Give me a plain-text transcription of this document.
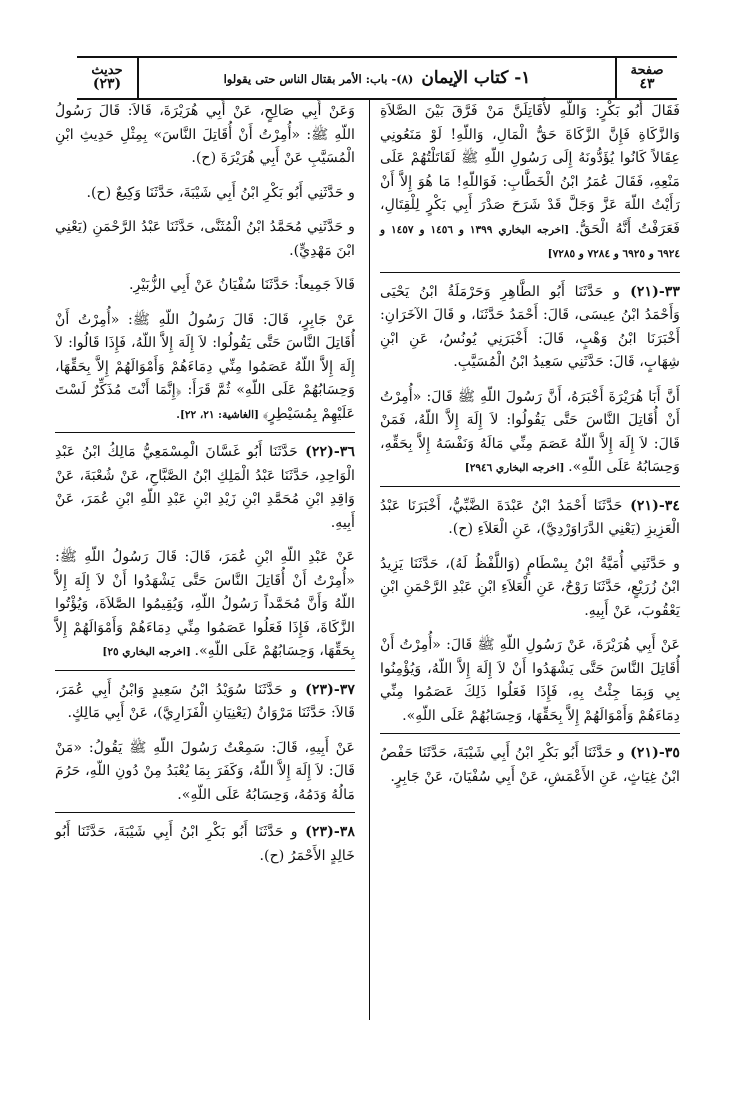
صفحة
٤٣
١- كتاب الإيمان
(٨)- باب: الأمر بقتال الناس حتى يقولوا
حديث
(٢٣)
فَقَالَ أَبُو بَكْرٍ: وَاللّهِ لأُقَاتِلَنَّ مَنْ فَرَّقَ بَيْنَ الصَّلاَةِ وَالزَّكَاةِ فَإِنَّ الزَّكَاةَ حَقُّ الْمَالِ، وَاللّهِ! لَوْ مَنَعُونِي عِقَالاً كَانُوا يُؤَدُّونَهُ إِلَى رَسُولِ اللّهِ ﷺ لَقَاتَلْتُهُمْ عَلَى مَنْعِهِ، فَقَالَ عُمَرُ ابْنُ الْخَطَّابِ: فَوَاللّهِ! مَا هُوَ إِلاَّ أَنْ رَأَيْتُ اللّهَ عَزَّ وَجَلَّ قَدْ شَرَحَ صَدْرَ أَبِي بَكْرٍ لِلْقِتَالِ، فَعَرَفْتُ أَنَّهُ الْحَقُّ. [اخرجه البخاري ١٣٩٩ و ١٤٥٦ و ١٤٥٧ و ٦٩٢٤ و ٦٩٢٥ و ٧٢٨٤ و ٧٢٨٥]
٣٣-(٢١) و حَدَّثَنَا أَبُو الطَّاهِرِ وَحَرْمَلَةُ ابْنُ يَحْيَى وَأَحْمَدُ ابْنُ عِيسَى، قَالَ: أَحْمَدُ حَدَّثَنَا، و قَالَ الآخَرَانِ: أَخْبَرَنَا ابْنُ وَهْبٍ، قَالَ: أَخْبَرَنِي يُونُسُ، عَنِ ابْنِ شِهَابٍ، قَالَ: حَدَّثَنِي سَعِيدُ ابْنُ الْمُسَيَّبِ.
أَنَّ أَبَا هُرَيْرَةَ أَخْبَرَهُ، أَنَّ رَسُولَ اللّهِ ﷺ قَالَ: «أُمِرْتُ أَنْ أُقَاتِلَ النَّاسَ حَتَّى يَقُولُوا: لاَ إِلَهَ إِلاَّ اللّهُ، فَمَنْ قَالَ: لاَ إِلَهَ إِلاَّ اللّهُ عَصَمَ مِنِّي مَالَهُ وَنَفْسَهُ إِلاَّ بِحَقِّهِ، وَحِسَابُهُ عَلَى اللّهِ». [اخرجه البخاري ٢٩٤٦]
٣٤-(٢١) حَدَّثَنَا أَحْمَدُ ابْنُ عَبْدَةَ الضَّبِّيُّ، أَخْبَرَنَا عَبْدُ الْعَزِيزِ (يَعْنِي الدَّرَاوَرْدِيَّ)، عَنِ الْعَلاَءِ (ح).
و حَدَّثَنِي أُمَيَّةُ ابْنُ بِسْطَامٍ (وَاللَّفْظُ لَهُ)، حَدَّثَنَا يَزِيدُ ابْنُ زُرَيْعٍ، حَدَّثَنَا رَوْحٌ، عَنِ الْعَلاَءِ ابْنِ عَبْدِ الرَّحْمَنِ ابْنِ يَعْقُوبَ، عَنْ أَبِيهِ.
عَنْ أَبِي هُرَيْرَةَ، عَنْ رَسُولِ اللّهِ ﷺ قَالَ: «أُمِرْتُ أَنْ أُقَاتِلَ النَّاسَ حَتَّى يَشْهَدُوا أَنْ لاَ إِلَهَ إِلاَّ اللّهُ، وَيُؤْمِنُوا بِي وَبِمَا جِئْتُ بِهِ، فَإِذَا فَعَلُوا ذَلِكَ عَصَمُوا مِنِّي دِمَاءَهُمْ وَأَمْوَالَهُمْ إِلاَّ بِحَقِّهَا، وَحِسَابُهُمْ عَلَى اللّهِ».
٣٥-(٢١) و حَدَّثَنَا أَبُو بَكْرِ ابْنُ أَبِي شَيْبَةَ، حَدَّثَنَا حَفْصُ ابْنُ غِيَاثٍ، عَنِ الأَعْمَشِ، عَنْ أَبِي سُفْيَانَ، عَنْ جَابِرٍ.
وَعَنْ أَبِي صَالِحٍ، عَنْ أَبِي هُرَيْرَةَ، قَالاَ: قَالَ رَسُولُ اللّهِ ﷺ: «أُمِرْتُ أَنْ أُقَاتِلَ النَّاسَ» بِمِثْلِ حَدِيثِ ابْنِ الْمُسَيَّبِ عَنْ أَبِي هُرَيْرَةَ (ح).
و حَدَّثَنِي أَبُو بَكْرِ ابْنُ أَبِي شَيْبَةَ، حَدَّثَنَا وَكِيعٌ (ح).
و حَدَّثَنِي مُحَمَّدُ ابْنُ الْمُثَنَّى، حَدَّثَنَا عَبْدُ الرَّحْمَنِ (يَعْنِي ابْنَ مَهْدِيٍّ).
قَالاَ جَمِيعاً: حَدَّثَنَا سُفْيَانُ عَنْ أَبِي الزُّبَيْرِ.
عَنْ جَابِرٍ، قَالَ: قَالَ رَسُولُ اللّهِ ﷺ: «أُمِرْتُ أَنْ أُقَاتِلَ النَّاسَ حَتَّى يَقُولُوا: لاَ إِلَهَ إِلاَّ اللّهُ، فَإِذَا قَالُوا: لاَ إِلَهَ إِلاَّ اللّهُ عَصَمُوا مِنِّي دِمَاءَهُمْ وَأَمْوَالَهُمْ إِلاَّ بِحَقِّهَا، وَحِسَابُهُمْ عَلَى اللّهِ» ثُمَّ قَرَأَ: ﴿إِنَّمَا أَنْتَ مُذَكِّرٌ لَسْتَ عَلَيْهِمْ بِمُسَيْطِرٍ﴾ [الغاشية: ٢١، ٢٢].
٣٦-(٢٢) حَدَّثَنَا أَبُو غَسَّانَ الْمِسْمَعِيُّ مَالِكُ ابْنُ عَبْدِ الْوَاحِدِ، حَدَّثَنَا عَبْدُ الْمَلِكِ ابْنُ الصَّبَّاحِ، عَنْ شُعْبَةَ، عَنْ وَاقِدِ ابْنِ مُحَمَّدِ ابْنِ زَيْدِ ابْنِ عَبْدِ اللّهِ ابْنِ عُمَرَ، عَنْ أَبِيهِ.
عَنْ عَبْدِ اللّهِ ابْنِ عُمَرَ، قَالَ: قَالَ رَسُولُ اللّهِ ﷺ: «أُمِرْتُ أَنْ أُقَاتِلَ النَّاسَ حَتَّى يَشْهَدُوا أَنْ لاَ إِلَهَ إِلاَّ اللّهُ وَأَنَّ مُحَمَّداً رَسُولُ اللّهِ، وَيُقِيمُوا الصَّلاَةَ، وَيُؤْتُوا الزَّكَاةَ، فَإِذَا فَعَلُوا عَصَمُوا مِنِّي دِمَاءَهُمْ وَأَمْوَالَهُمْ إِلاَّ بِحَقِّهَا، وَحِسَابُهُمْ عَلَى اللّهِ». [اخرجه البخاري ٢٥]
٣٧-(٢٣) و حَدَّثَنَا سُوَيْدُ ابْنُ سَعِيدٍ وَابْنُ أَبِي عُمَرَ، قَالاَ: حَدَّثَنَا مَرْوَانُ (يَعْنِيَانِ الْفَزَارِيَّ)، عَنْ أَبِي مَالِكٍ.
عَنْ أَبِيهِ، قَالَ: سَمِعْتُ رَسُولَ اللّهِ ﷺ يَقُولُ: «مَنْ قَالَ: لاَ إِلَهَ إِلاَّ اللّهُ، وَكَفَرَ بِمَا يُعْبَدُ مِنْ دُونِ اللّهِ، حَرُمَ مَالُهُ وَدَمُهُ، وَحِسَابُهُ عَلَى اللّهِ».
٣٨-(٢٣) و حَدَّثَنَا أَبُو بَكْرِ ابْنُ أَبِي شَيْبَةَ، حَدَّثَنَا أَبُو خَالِدٍ الأَحْمَرُ (ح).
